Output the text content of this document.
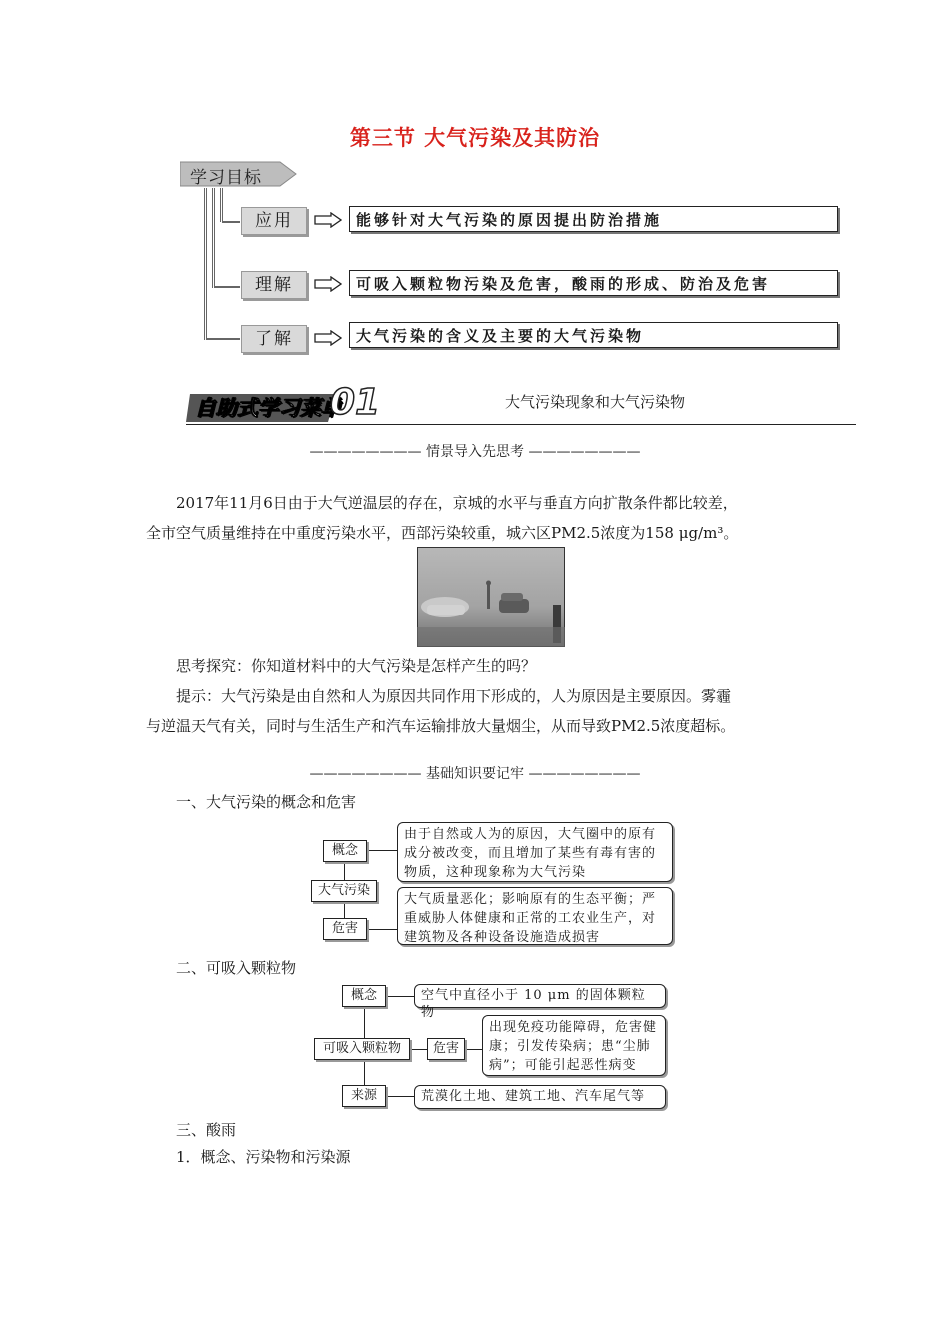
第三节 大气污染及其防治
学习目标
应用
理解
了解
能够针对大气污染的原因提出防治措施
可吸入颗粒物污染及危害，酸雨的形成、防治及危害
大气污染的含义及主要的大气污染物
自助式学习菜单
01	大气污染现象和大气污染物
———————— 情景导入先思考 ————————
2017年11月6日由于大气逆温层的存在，京城的水平与垂直方向扩散条件都比较差，
全市空气质量维持在中重度污染水平，西部污染较重，城六区PM2.5浓度为158 μg/m³。
思考探究：你知道材料中的大气污染是怎样产生的吗？
提示：大气污染是由自然和人为原因共同作用下形成的，人为原因是主要原因。雾霾
与逆温天气有关，同时与生活生产和汽车运输排放大量烟尘，从而导致PM2.5浓度超标。
———————— 基础知识要记牢 ————————
一、大气污染的概念和危害
概念
大气污染
危害
由于自然或人为的原因，大气圈中的原有
成分被改变，而且增加了某些有毒有害的
物质，这种现象称为大气污染
大气质量恶化；影响原有的生态平衡；严
重威胁人体健康和正常的工农业生产，对
建筑物及各种设备设施造成损害
二、可吸入颗粒物
概念
可吸入颗粒物	危害
来源
空气中直径小于 10 μm 的固体颗粒物
出现免疫功能障碍，危害健
康；引发传染病；患“尘肺
病”；可能引起恶性病变
荒漠化土地、建筑工地、汽车尾气等
三、酸雨
1．概念、污染物和污染源
